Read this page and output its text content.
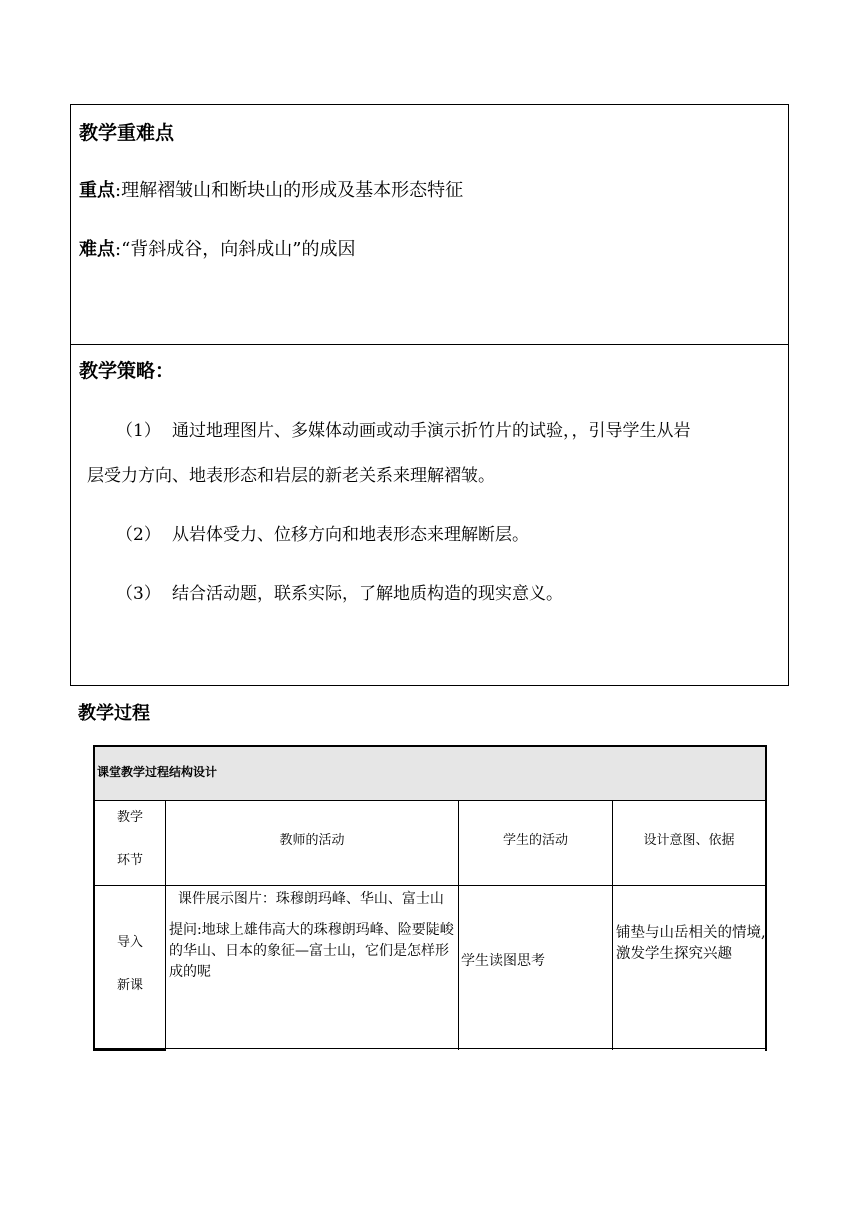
教学重难点
重点:理解褶皱山和断块山的形成及基本形态特征
难点:“背斜成谷，向斜成山”的成因
教学策略：
（1） 通过地理图片、多媒体动画或动手演示折竹片的试验，，引导学生从岩
层受力方向、地表形态和岩层的新老关系来理解褶皱。
（2） 从岩体受力、位移方向和地表形态来理解断层。
（3） 结合活动题，联系实际，了解地质构造的现实意义。
教学过程
课堂教学过程结构设计
教学
环节
教师的活动	学生的活动	设计意图、依据
导入
新课
课件展示图片：珠穆朗玛峰、华山、富士山
提问:地球上雄伟高大的珠穆朗玛峰、险要陡峻的华山、日本的象征—富士山，它们是怎样形成的呢
学生读图思考
铺垫与山岳相关的情境,激发学生探究兴趣
